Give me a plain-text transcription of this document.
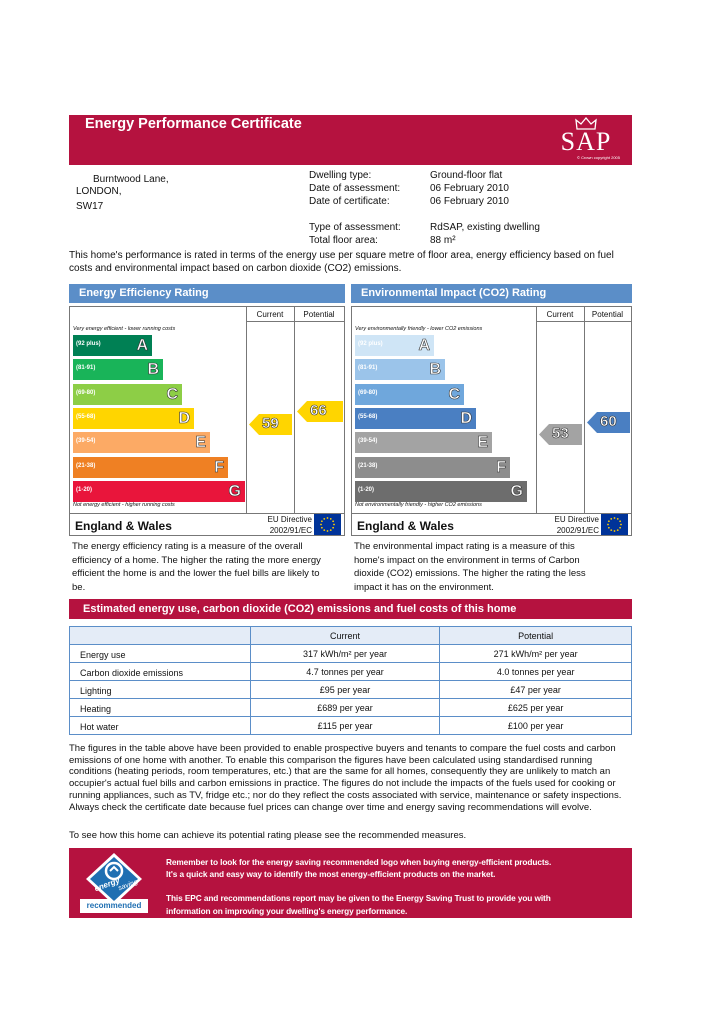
Energy Performance Certificate
SAP
© Crown copyright 2005
Burntwood Lane,
LONDON,
SW17
Dwelling type:	Ground-floor flat
Date of assessment:	06 February 2010
Date of certificate:	06 February 2010
Type of assessment:	RdSAP, existing dwelling
Total floor area:	88 m²
This home's performance is rated in terms of the energy use per square metre of floor area, energy efficiency based on fuel costs and environmental impact based on carbon dioxide (CO2) emissions.
Energy Efficiency Rating
Current	Potential
Very energy efficient - lower running costs
(92 plus) A
(81-91)	B
(69-80)	C
(55-68)	D
(39-54)	E
(21-38)	F
(1-20)	G
Not energy efficient - higher running costs
59
66
England & Wales	EU Directive 2002/91/EC
The energy efficiency rating is a measure of the overall efficiency of a home. The higher the rating the more energy efficient the home is and the lower the fuel bills are likely to be.
Environmental Impact (CO2) Rating
Current	Potential
Very environmentally friendly - lower CO2 emissions
(92 plus) A
(81-91)	B
(69-80)	C
(55-68)	D
(39-54)	E
(21-38)	F
(1-20)	G
Not environmentally friendly - higher CO2 emissions
53
60
England & Wales	EU Directive 2002/91/EC
The environmental impact rating is a measure of this home's impact on the environment in terms of Carbon dioxide (CO2) emissions. The higher the rating the less impact it has on the environment.
Estimated energy use, carbon dioxide (CO2) emissions and fuel costs of this home
	Current	Potential
Energy use	317 kWh/m² per year	271 kWh/m² per year
Carbon dioxide emissions	4.7 tonnes per year	4.0 tonnes per year
Lighting	£95 per year	£47 per year
Heating	£689 per year	£625 per year
Hot water	£115 per year	£100 per year
The figures in the table above have been provided to enable prospective buyers and tenants to compare the fuel costs and carbon emissions of one home with another. To enable this comparison the figures have been calculated using standardised running conditions (heating periods, room temperatures, etc.) that are the same for all homes, consequently they are unlikely to match an occupier's actual fuel bills and carbon emissions in practice. The figures do not include the impacts of the fuels used for cooking or running appliances, such as TV, fridge etc.; nor do they reflect the costs associated with service, maintenance or safety inspections. Always check the certificate date because fuel prices can change over time and energy saving recommendations will evolve.
To see how this home can achieve its potential rating please see the recommended measures.
energy
saving
recommended
Remember to look for the energy saving recommended logo when buying energy-efficient products.
It's a quick and easy way to identify the most energy-efficient products on the market.
This EPC and recommendations report may be given to the Energy Saving Trust to provide you with
information on improving your dwelling's energy performance.
